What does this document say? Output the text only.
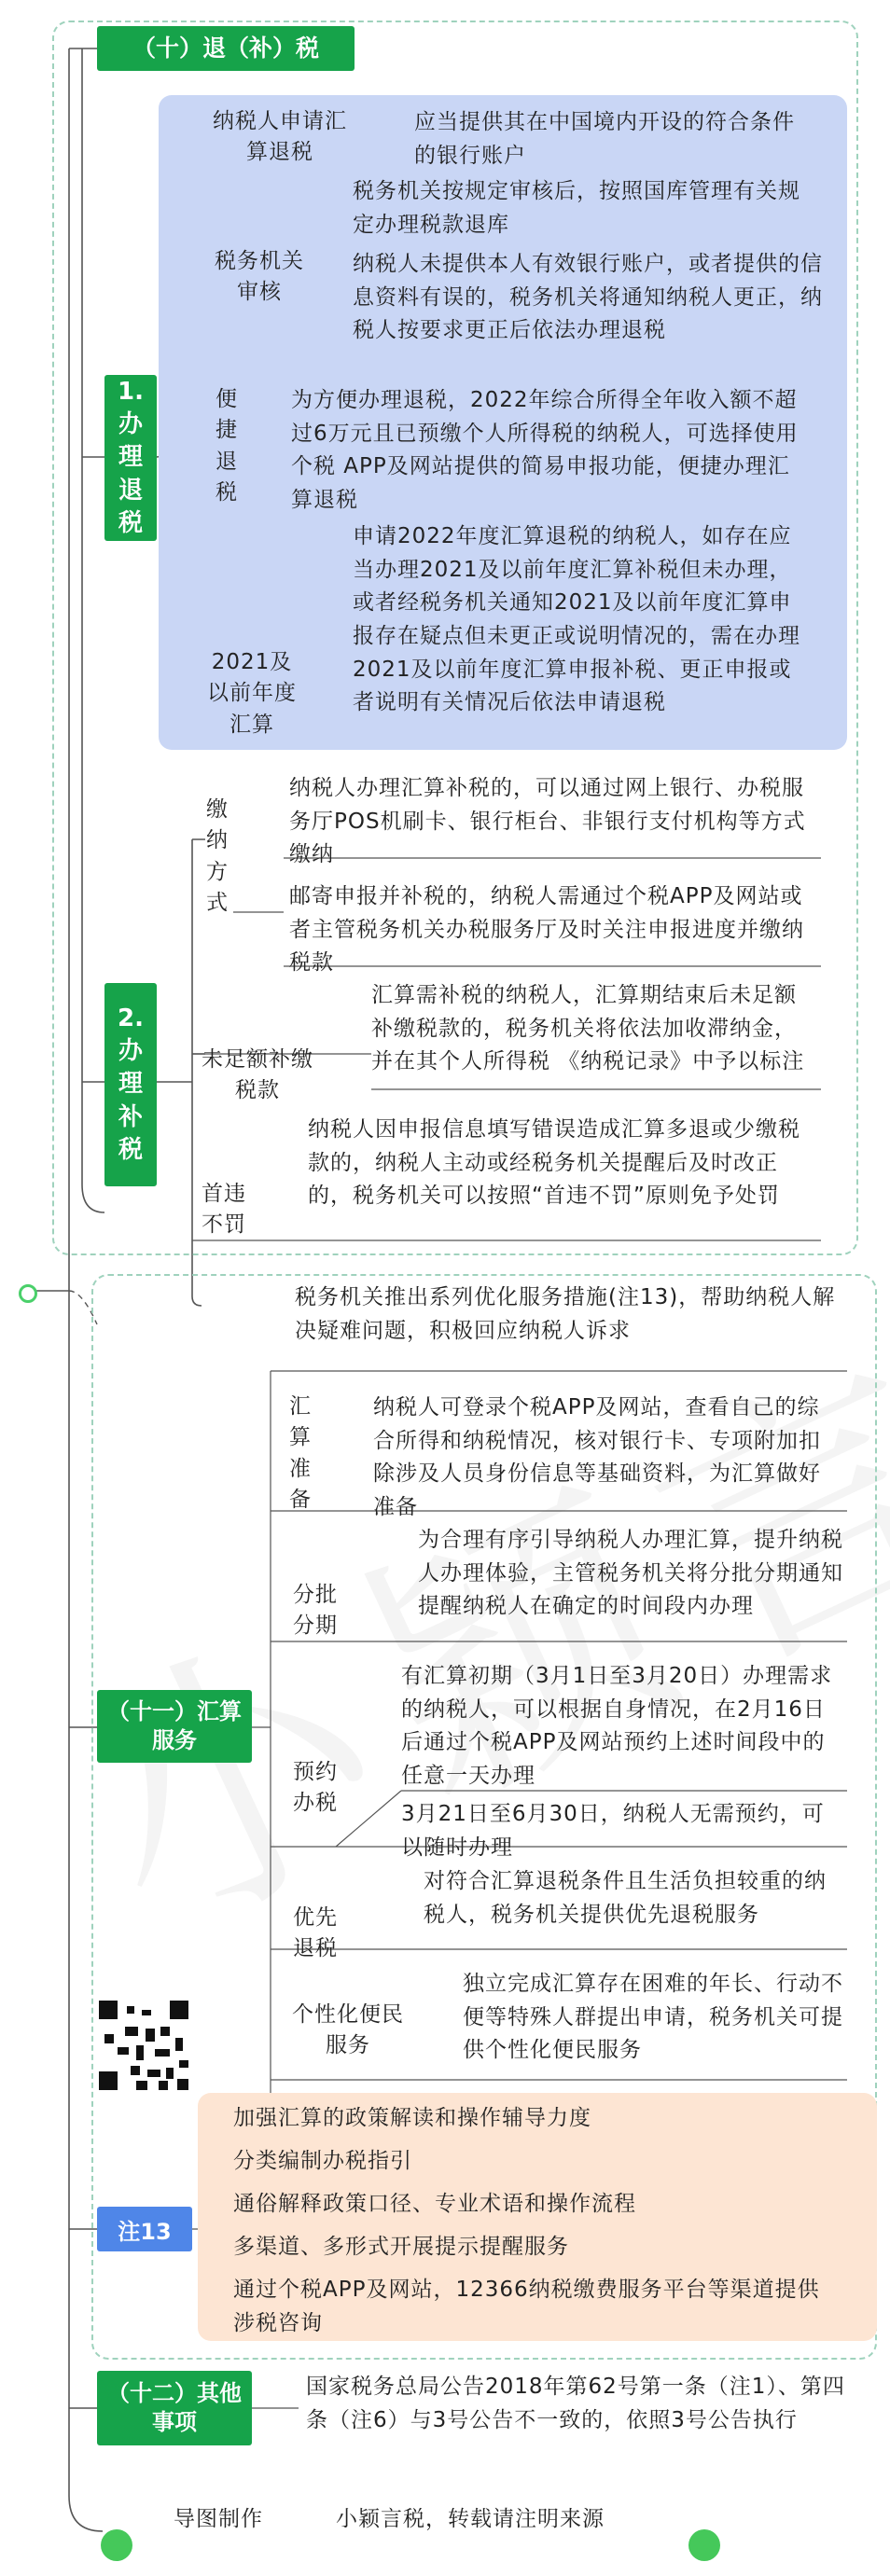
（十）退（补）税
1.办理退税
纳税人申请汇算退税
应当提供其在中国境内开设的符合条件的银行账户
税务机关审核
税务机关按规定审核后，按照国库管理有关规定办理税款退库
纳税人未提供本人有效银行账户，或者提供的信息资料有误的，税务机关将通知纳税人更正，纳税人按要求更正后依法办理退税
便捷退税
为方便办理退税，2022年综合所得全年收入额不超过6万元且已预缴个人所得税的纳税人，可选择使用个税 APP及网站提供的简易申报功能，便捷办理汇算退税
2021及以前年度汇算
申请2022年度汇算退税的纳税人，如存在应当办理2021及以前年度汇算补税但未办理，或者经税务机关通知2021及以前年度汇算申报存在疑点但未更正或说明情况的，需在办理2021及以前年度汇算申报补税、更正申报或者说明有关情况后依法申请退税
2.办理补税
缴纳方式
纳税人办理汇算补税的，可以通过网上银行、办税服务厅POS机刷卡、银行柜台、非银行支付机构等方式缴纳
邮寄申报并补税的，纳税人需通过个税APP及网站或者主管税务机关办税服务厅及时关注申报进度并缴纳税款
未足额补缴税款
汇算需补税的纳税人，汇算期结束后未足额补缴税款的，税务机关将依法加收滞纳金，并在其个人所得税 《纳税记录》中予以标注
首违不罚
纳税人因申报信息填写错误造成汇算多退或少缴税款的，纳税人主动或经税务机关提醒后及时改正的，税务机关可以按照“首违不罚”原则免予处罚
税务机关推出系列优化服务措施(注13)，帮助纳税人解决疑难问题，积极回应纳税人诉求
（十一）汇算服务
汇算准备
纳税人可登录个税APP及网站，查看自己的综合所得和纳税情况，核对银行卡、专项附加扣除涉及人员身份信息等基础资料，为汇算做好准备
分批分期
为合理有序引导纳税人办理汇算，提升纳税人办理体验，主管税务机关将分批分期通知提醒纳税人在确定的时间段内办理
预约办税
有汇算初期（3月1日至3月20日）办理需求的纳税人，可以根据自身情况，在2月16日后通过个税APP及网站预约上述时间段中的任意一天办理
3月21日至6月30日，纳税人无需预约，可以随时办理
优先退税
对符合汇算退税条件且生活负担较重的纳税人，税务机关提供优先退税服务
个性化便民服务
独立完成汇算存在困难的年长、行动不便等特殊人群提出申请，税务机关可提供个性化便民服务
注13
加强汇算的政策解读和操作辅导力度
分类编制办税指引
通俗解释政策口径、专业术语和操作流程
多渠道、多形式开展提示提醒服务
通过个税APP及网站，12366纳税缴费服务平台等渠道提供涉税咨询
（十二）其他事项
国家税务总局公告2018年第62号第一条（注1）、第四条（注6）与3号公告不一致的，依照3号公告执行
导图制作	小颖言税，转载请注明来源
